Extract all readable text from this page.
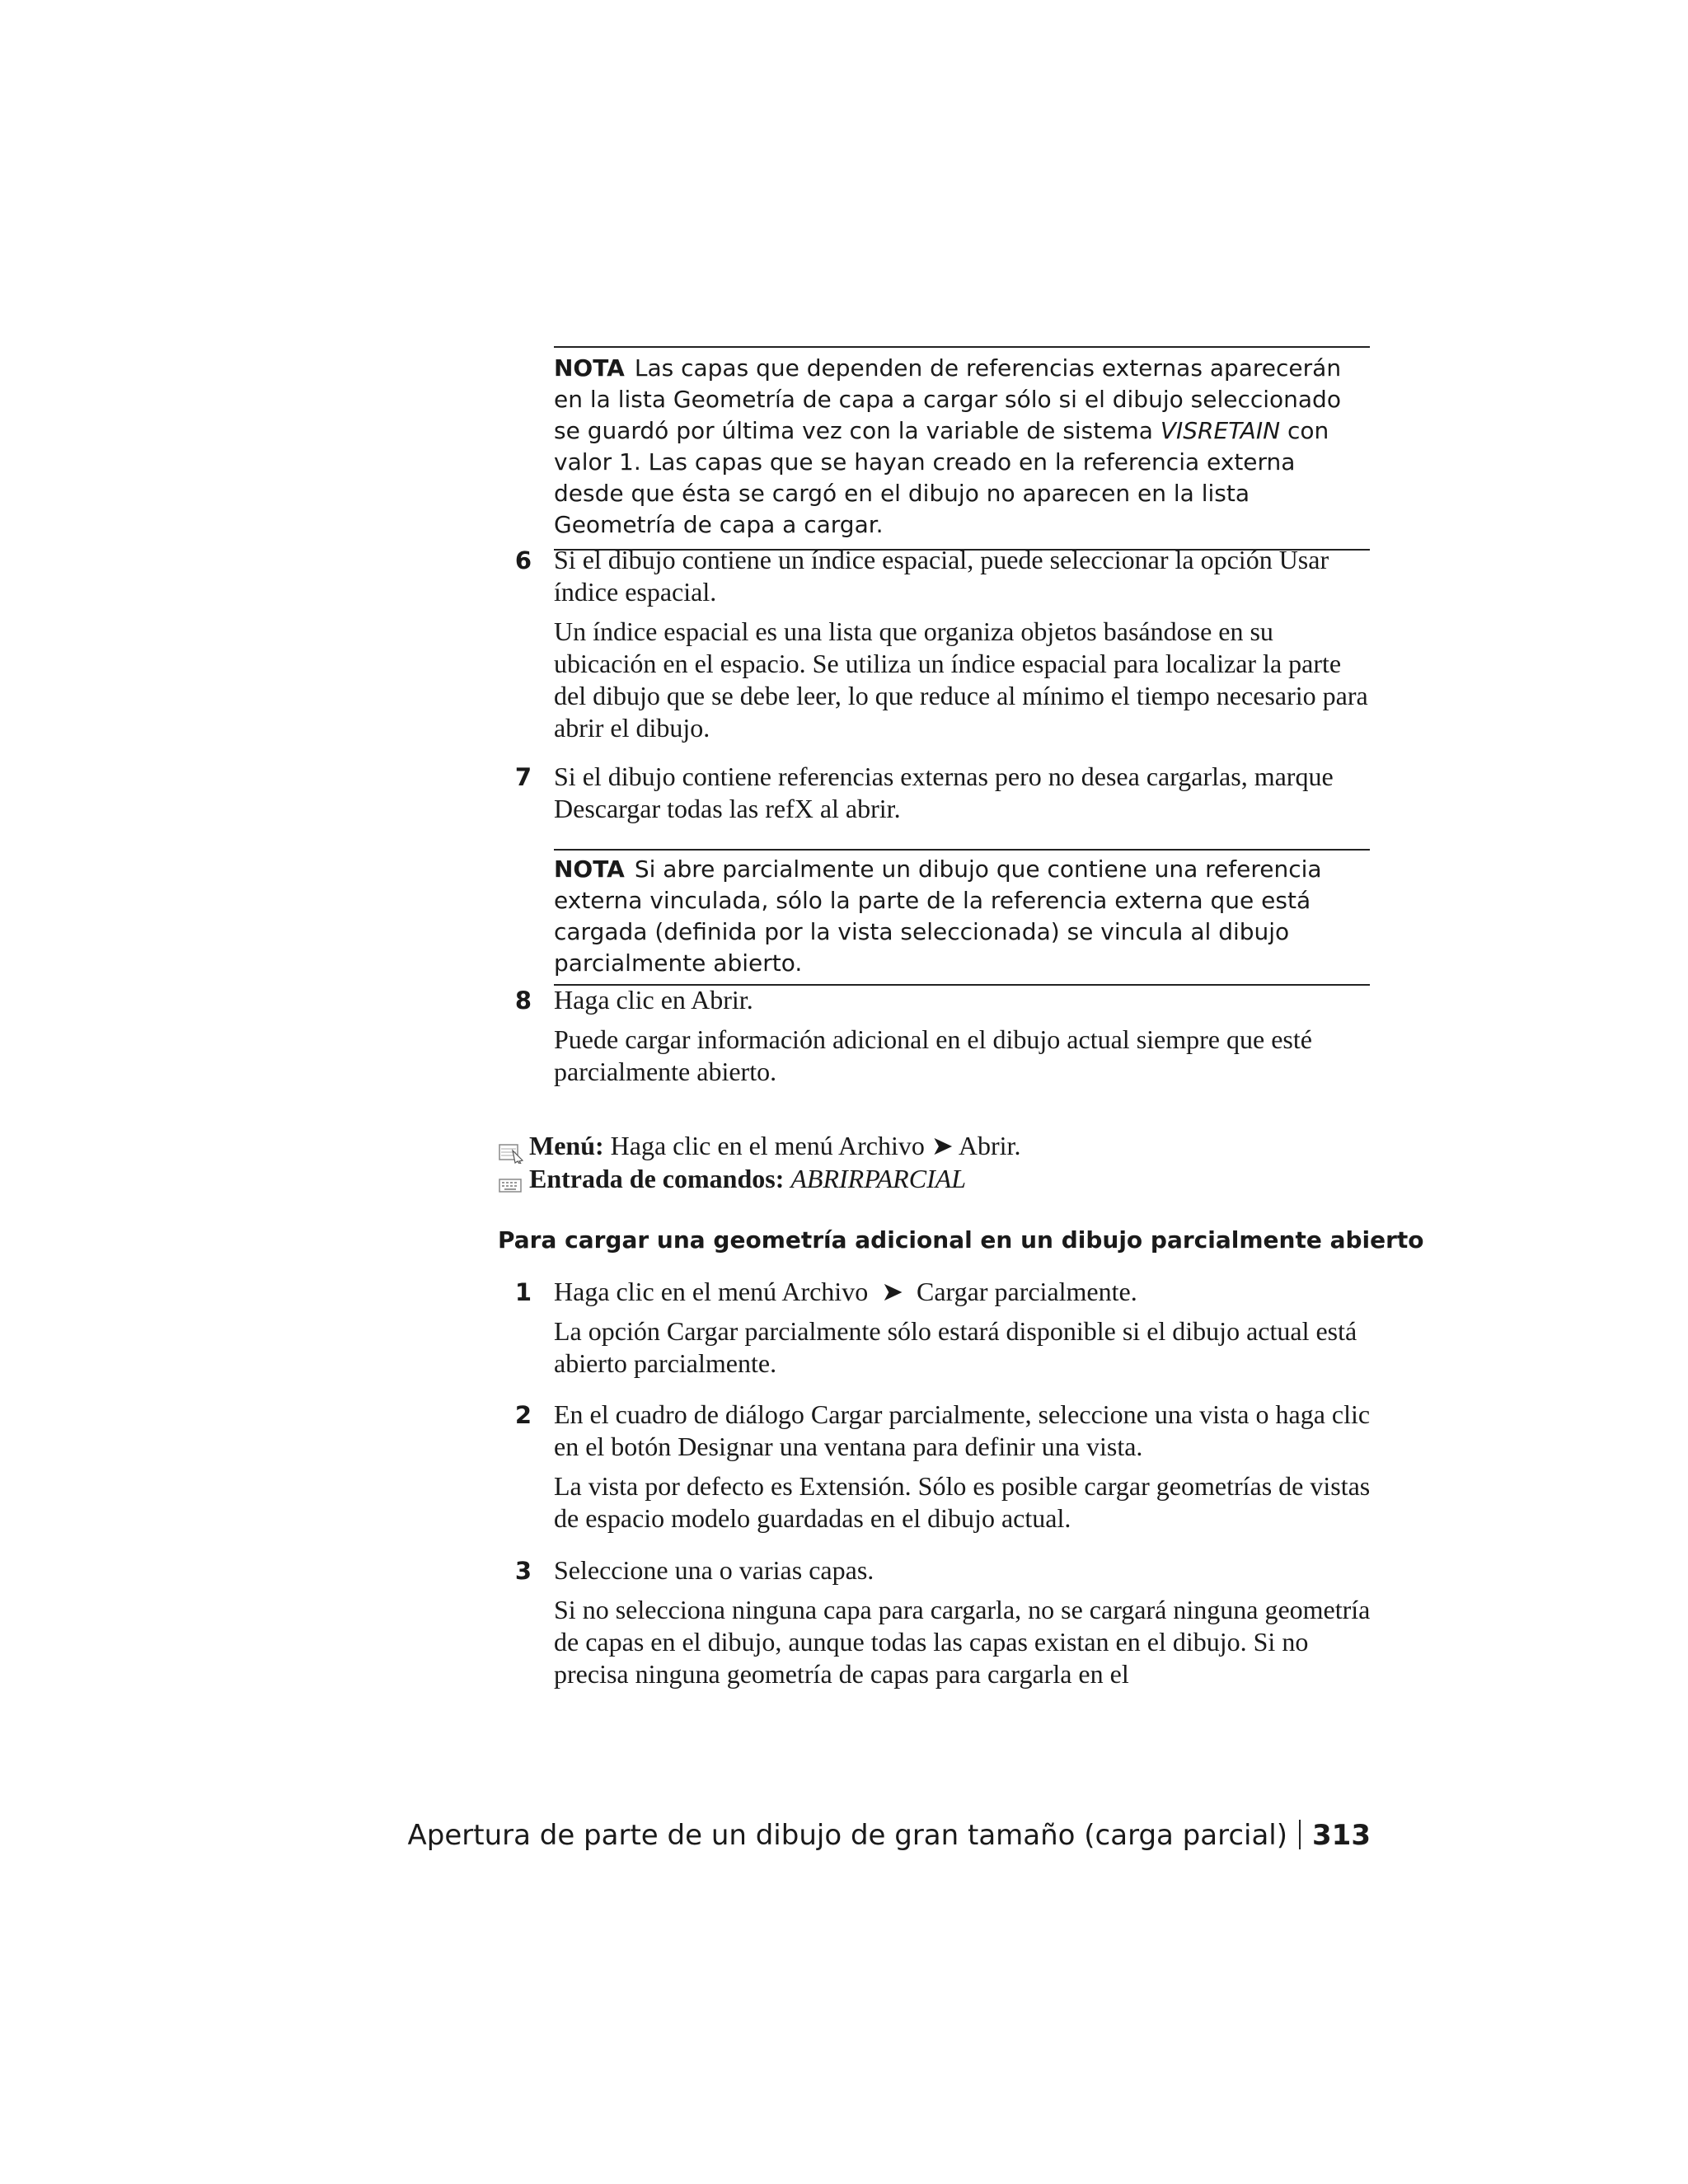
NOTA Las capas que dependen de referencias externas aparecerán en la lista Geometría de capa a cargar sólo si el dibujo seleccionado se guardó por última vez con la variable de sistema VISRETAIN con valor 1. Las capas que se hayan creado en la referencia externa desde que ésta se cargó en el dibujo no aparecen en la lista Geometría de capa a cargar.

6 Si el dibujo contiene un índice espacial, puede seleccionar la opción Usar índice espacial.

Un índice espacial es una lista que organiza objetos basándose en su ubicación en el espacio. Se utiliza un índice espacial para localizar la parte del dibujo que se debe leer, lo que reduce al mínimo el tiempo necesario para abrir el dibujo.

7 Si el dibujo contiene referencias externas pero no desea cargarlas, marque Descargar todas las refX al abrir.

NOTA Si abre parcialmente un dibujo que contiene una referencia externa vinculada, sólo la parte de la referencia externa que está cargada (definida por la vista seleccionada) se vincula al dibujo parcialmente abierto.

8 Haga clic en Abrir.

Puede cargar información adicional en el dibujo actual siempre que esté parcialmente abierto.

Menú: Haga clic en el menú Archivo ➤ Abrir.
Entrada de comandos: ABRIRPARCIAL
Para cargar una geometría adicional en un dibujo parcialmente abierto
1 Haga clic en el menú Archivo  ➤  Cargar parcialmente.

La opción Cargar parcialmente sólo estará disponible si el dibujo actual está abierto parcialmente.

2 En el cuadro de diálogo Cargar parcialmente, seleccione una vista o haga clic en el botón Designar una ventana para definir una vista.

La vista por defecto es Extensión. Sólo es posible cargar geometrías de vistas de espacio modelo guardadas en el dibujo actual.

3 Seleccione una o varias capas.

Si no selecciona ninguna capa para cargarla, no se cargará ninguna geometría de capas en el dibujo, aunque todas las capas existan en el dibujo. Si no precisa ninguna geometría de capas para cargarla en el

Apertura de parte de un dibujo de gran tamaño (carga parcial) 313
